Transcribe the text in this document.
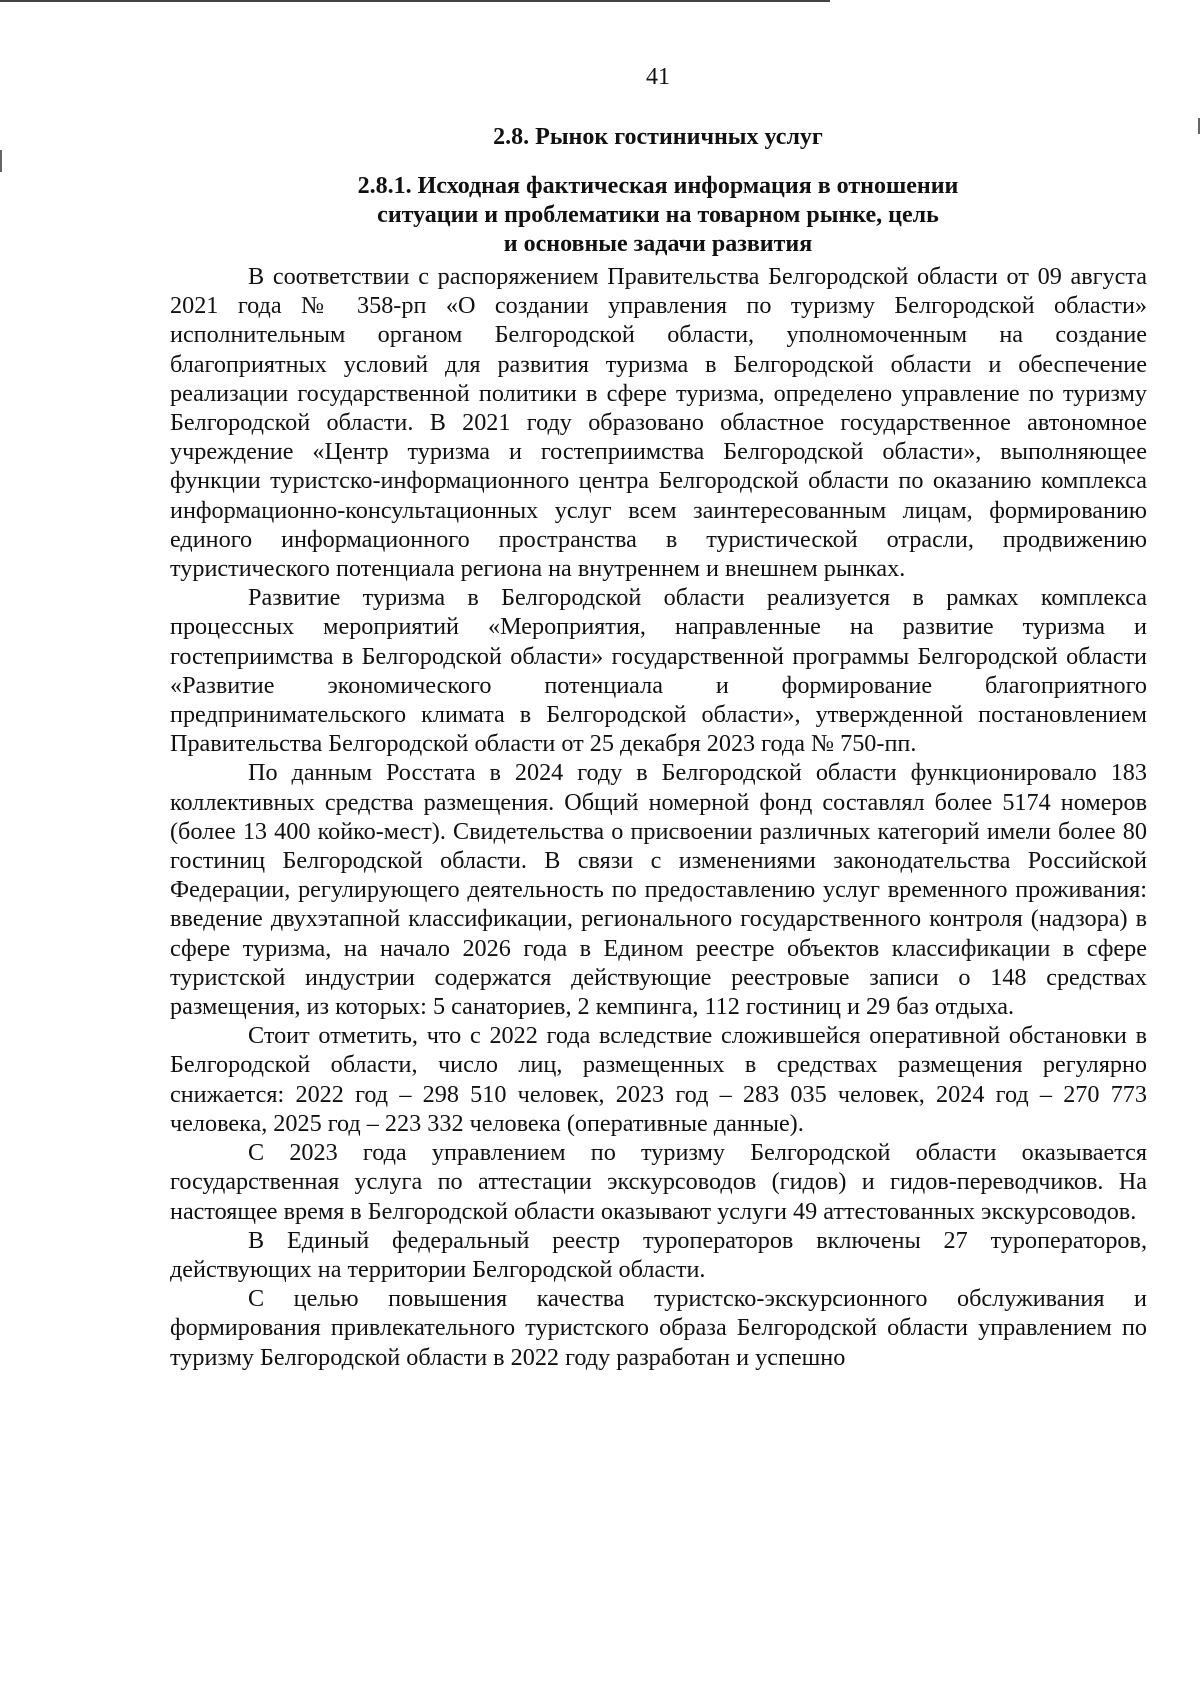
41
2.8. Рынок гостиничных услуг
2.8.1. Исходная фактическая информация в отношении
ситуации и проблематики на товарном рынке, цель
и основные задачи развития

В соответствии с распоряжением Правительства Белгородской области от 09 августа 2021 года № 358-рп «О создании управления по туризму Белгородской области» исполнительным органом Белгородской области, уполномоченным на создание благоприятных условий для развития туризма в Белгородской области и обеспечение реализации государственной политики в сфере туризма, определено управление по туризму Белгородской области. В 2021 году образовано областное государственное автономное учреждение «Центр туризма и гостеприимства Белгородской области», выполняющее функции туристско-информационного центра Белгородской области по оказанию комплекса информационно-консультационных услуг всем заинтересованным лицам, формированию единого информационного пространства в туристической отрасли, продвижению туристического потенциала региона на внутреннем и внешнем рынках.

Развитие туризма в Белгородской области реализуется в рамках комплекса процессных мероприятий «Мероприятия, направленные на развитие туризма и гостеприимства в Белгородской области» государственной программы Белгородской области «Развитие экономического потенциала и формирование благоприятного предпринимательского климата в Белгородской области», утвержденной постановлением Правительства Белгородской области от 25 декабря 2023 года № 750-пп.

По данным Росстата в 2024 году в Белгородской области функционировало 183 коллективных средства размещения. Общий номерной фонд составлял более 5174 номеров (более 13 400 койко-мест). Свидетельства о присвоении различных категорий имели более 80 гостиниц Белгородской области. В связи с изменениями законодательства Российской Федерации, регулирующего деятельность по предоставлению услуг временного проживания: введение двухэтапной классификации, регионального государственного контроля (надзора) в сфере туризма, на начало 2026 года в Едином реестре объектов классификации в сфере туристской индустрии содержатся действующие реестровые записи о 148 средствах размещения, из которых: 5 санаториев, 2 кемпинга, 112 гостиниц и 29 баз отдыха.

Стоит отметить, что с 2022 года вследствие сложившейся оперативной обстановки в Белгородской области, число лиц, размещенных в средствах размещения регулярно снижается: 2022 год – 298 510 человек, 2023 год – 283 035 человек, 2024 год – 270 773 человека, 2025 год – 223 332 человека (оперативные данные).

С 2023 года управлением по туризму Белгородской области оказывается государственная услуга по аттестации экскурсоводов (гидов) и гидов-переводчиков. На настоящее время в Белгородской области оказывают услуги 49 аттестованных экскурсоводов.

В Единый федеральный реестр туроператоров включены 27 туроператоров, действующих на территории Белгородской области.

С целью повышения качества туристско-экскурсионного обслуживания и формирования привлекательного туристского образа Белгородской области управлением по туризму Белгородской области в 2022 году разработан и успешно
